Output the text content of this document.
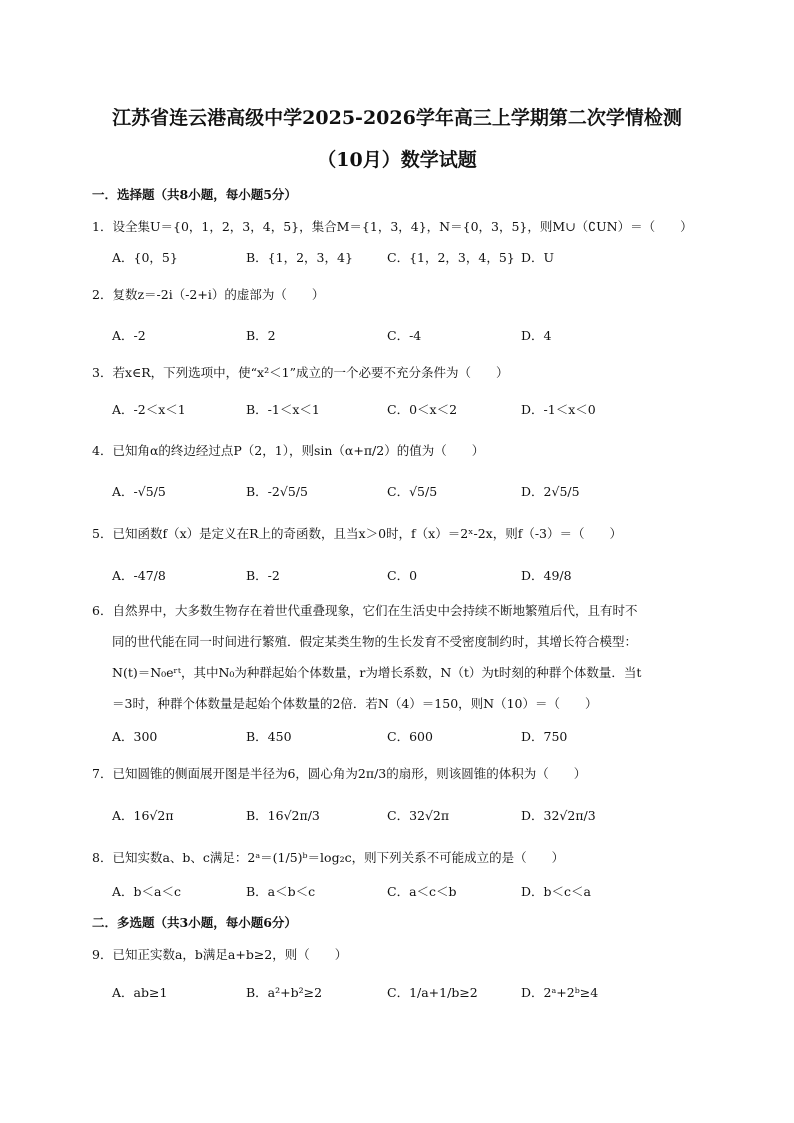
江苏省连云港高级中学2025-2026学年高三上学期第二次学情检测
（10月）数学试题
一．选择题（共8小题，每小题5分）
1．设全集U＝{0，1，2，3，4，5}，集合M＝{1，3，4}，N＝{0，3，5}，则M∪（∁UN）＝（　　）
A．{0，5}	B．{1，2，3，4}	C．{1，2，3，4，5} D．U
2．复数z＝-2i（-2+i）的虚部为（　　）
A．-2	B．2	C．-4	D．4
3．若x∈R，下列选项中，使“x²＜1”成立的一个必要不充分条件为（　　）
A．-2＜x＜1	B．-1＜x＜1	C．0＜x＜2	D．-1＜x＜0
4．已知角α的终边经过点P（2，1），则sin（α+π/2）的值为（　　）
A．-√5/5	B．-2√5/5	C．√5/5	D．2√5/5
5．已知函数f（x）是定义在R上的奇函数，且当x＞0时，f（x）＝2ˣ-2x，则f（-3）＝（　　）
A．-47/8	B．-2	C．0	D．49/8
6．自然界中，大多数生物存在着世代重叠现象，它们在生活史中会持续不断地繁殖后代，且有时不
同的世代能在同一时间进行繁殖．假定某类生物的生长发育不受密度制约时，其增长符合模型：
N(t)＝N₀eʳᵗ，其中N₀为种群起始个体数量，r为增长系数，N（t）为t时刻的种群个体数量．当t
＝3时，种群个体数量是起始个体数量的2倍．若N（4）＝150，则N（10）＝（　　）
A．300	B．450	C．600	D．750
7．已知圆锥的侧面展开图是半径为6，圆心角为2π/3的扇形，则该圆锥的体积为（　　）
A．16√2π	B．16√2π/3	C．32√2π	D．32√2π/3
8．已知实数a、b、c满足：2ᵃ＝(1/5)ᵇ＝log₂c，则下列关系不可能成立的是（　　）
A．b＜a＜c	B．a＜b＜c	C．a＜c＜b	D．b＜c＜a
二．多选题（共3小题，每小题6分）
9．已知正实数a，b满足a+b≥2，则（　　）
A．ab≥1	B．a²+b²≥2	C．1/a+1/b≥2	D．2ᵃ+2ᵇ≥4
